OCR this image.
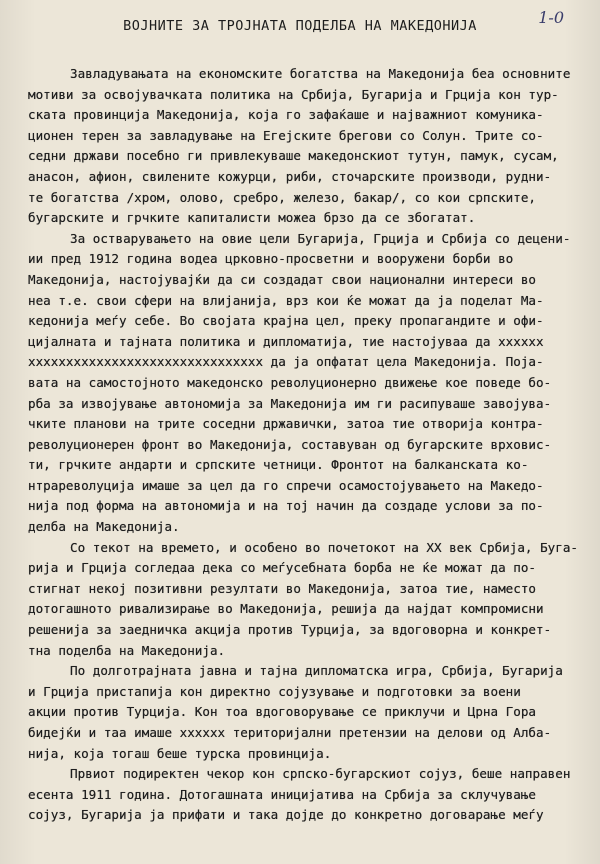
1-0
ВОЈНИТЕ ЗА ТРОЈНАТА ПОДЕЛБА НА МАКЕДОНИЈА
Завладувањата на економските богатства на Македонија беа основните
мотиви за освојувачката политика на Србија, Бугарија и Грција кон тур-
ската провинција Македонија, која го зафаќаше и најважниот комуника-
ционен терен за завладување на Егејските брегови со Солун. Трите со-
седни држави посебно ги привлекуваше македонскиот тутун, памук, сусам,
анасон, афион, свилените кожурци, риби, сточарските производи, рудни-
те богатства /хром, олово, сребро, железо, бакар/, со кои српските,
бугарските и грчките капиталисти можеа брзо да се збогатат.
За остварувањето на овие цели Бугарија, Грција и Србија со децени-
ии пред 1912 година водеа црковно-просветни и вооружени борби во
Македонија, настојувајќи да си создадат свои национални интереси во
неа т.е. свои сфери на влијанија, врз кои ќе можат да ја поделат Ма-
кедонија меѓу себе. Во својата крајна цел, преку пропагандите и офи-
цијалната и тајната политика и дипломатија, тие настојуваа да xxxxxx
xxxxxxxxxxxxxxxxxxxxxxxxxxxxxxx да ја опфатат цела Македонија. Поја-
вата на самостојното македонско револуционерно движење кое поведе бо-
рба за извојување автономија за Македонија им ги расипуваше завојува-
чките планови на трите соседни државички, затоа тие отворија контра-
револуционерен фронт во Македонија, составуван од бугарските врховис-
ти, грчките андарти и српските четници. Фронтот на балканската ко-
нтрареволуција имаше за цел да го спречи осамостојувањето на Македо-
нија под форма на автономија и на тој начин да создаде услови за по-
делба на Македонија.
Со текот на времето, и особено во почетокот на XX век Србија, Буга-
рија и Грција согледаа дека со меѓусебната борба не ќе можат да по-
стигнат некој позитивни резултати во Македонија, затоа тие, наместо
дотогашното ривализирање во Македонија, решија да најдат компромисни
решенија за заедничка акција против Турција, за вдоговорна и конкрет-
тна поделба на Македонија.
По долготрајната јавна и тајна дипломатска игра, Србија, Бугарија
и Грција пристапија кон директно сојузување и подготовки за воени
акции против Турција. Кон тоа вдоговорување се приклучи и Црна Гора
бидејќи и таа имаше xxxxxx територијални претензии на делови од Алба-
нија, која тогаш беше турска провинција.
Првиот подиректен чекор кон српско-бугарскиот сојуз, беше направен
есента 1911 година. Дотогашната иницијатива на Србија за склучување
сојуз, Бугарија ја прифати и така дојде до конкретно договарање меѓу
